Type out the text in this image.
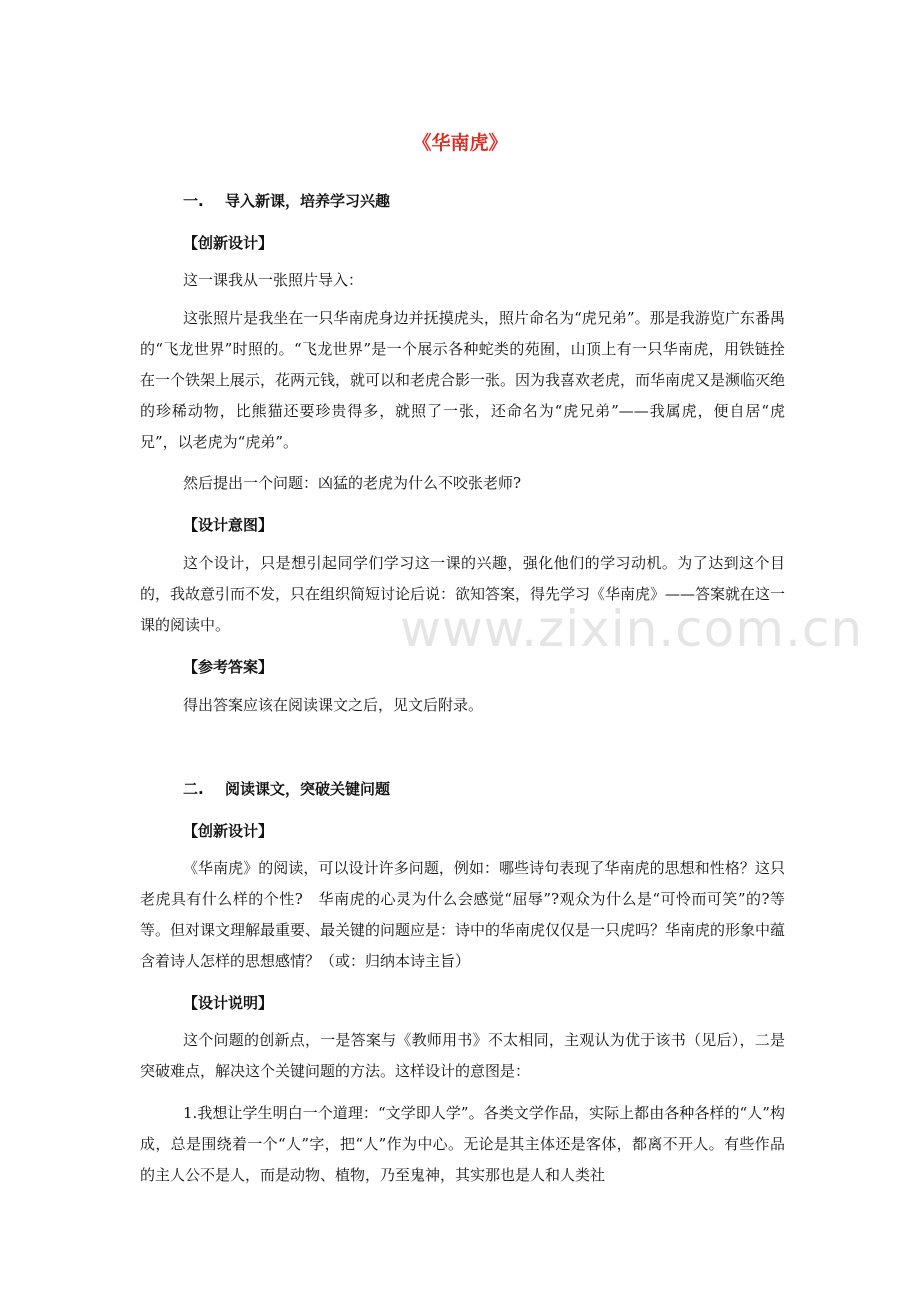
《华南虎》
一. 导入新课，培养学习兴趣
【创新设计】
这一课我从一张照片导入：
这张照片是我坐在一只华南虎身边并抚摸虎头，照片命名为“虎兄弟”。那是我游览广东番禺的“飞龙世界”时照的。“飞龙世界”是一个展示各种蛇类的苑囿，山顶上有一只华南虎，用铁链拴在一个铁架上展示，花两元钱，就可以和老虎合影一张。因为我喜欢老虎，而华南虎又是濒临灭绝的珍稀动物，比熊猫还要珍贵得多，就照了一张，还命名为“虎兄弟”——我属虎，便自居“虎兄”，以老虎为“虎弟”。
然后提出一个问题：凶猛的老虎为什么不咬张老师?
【设计意图】
这个设计，只是想引起同学们学习这一课的兴趣，强化他们的学习动机。为了达到这个目的，我故意引而不发，只在组织简短讨论后说：欲知答案，得先学习《华南虎》——答案就在这一课的阅读中。
【参考答案】
得出答案应该在阅读课文之后，见文后附录。
二. 阅读课文，突破关键问题
【创新设计】
《华南虎》的阅读，可以设计许多问题，例如：哪些诗句表现了华南虎的思想和性格？这只老虎具有什么样的个性?　华南虎的心灵为什么会感觉“屈辱”?观众为什么是“可怜而可笑”的?等等。但对课文理解最重要、最关键的问题应是：诗中的华南虎仅仅是一只虎吗？华南虎的形象中蕴含着诗人怎样的思想感情？（或：归纳本诗主旨）
【设计说明】
这个问题的创新点，一是答案与《教师用书》不太相同，主观认为优于该书（见后），二是突破难点，解决这个关键问题的方法。这样设计的意图是：
1.我想让学生明白一个道理：“文学即人学”。各类文学作品，实际上都由各种各样的“人”构成，总是围绕着一个“人”字，把“人”作为中心。无论是其主体还是客体，都离不开人。有些作品的主人公不是人，而是动物、植物，乃至鬼神，其实那也是人和人类社
www.zixin.com.cn
